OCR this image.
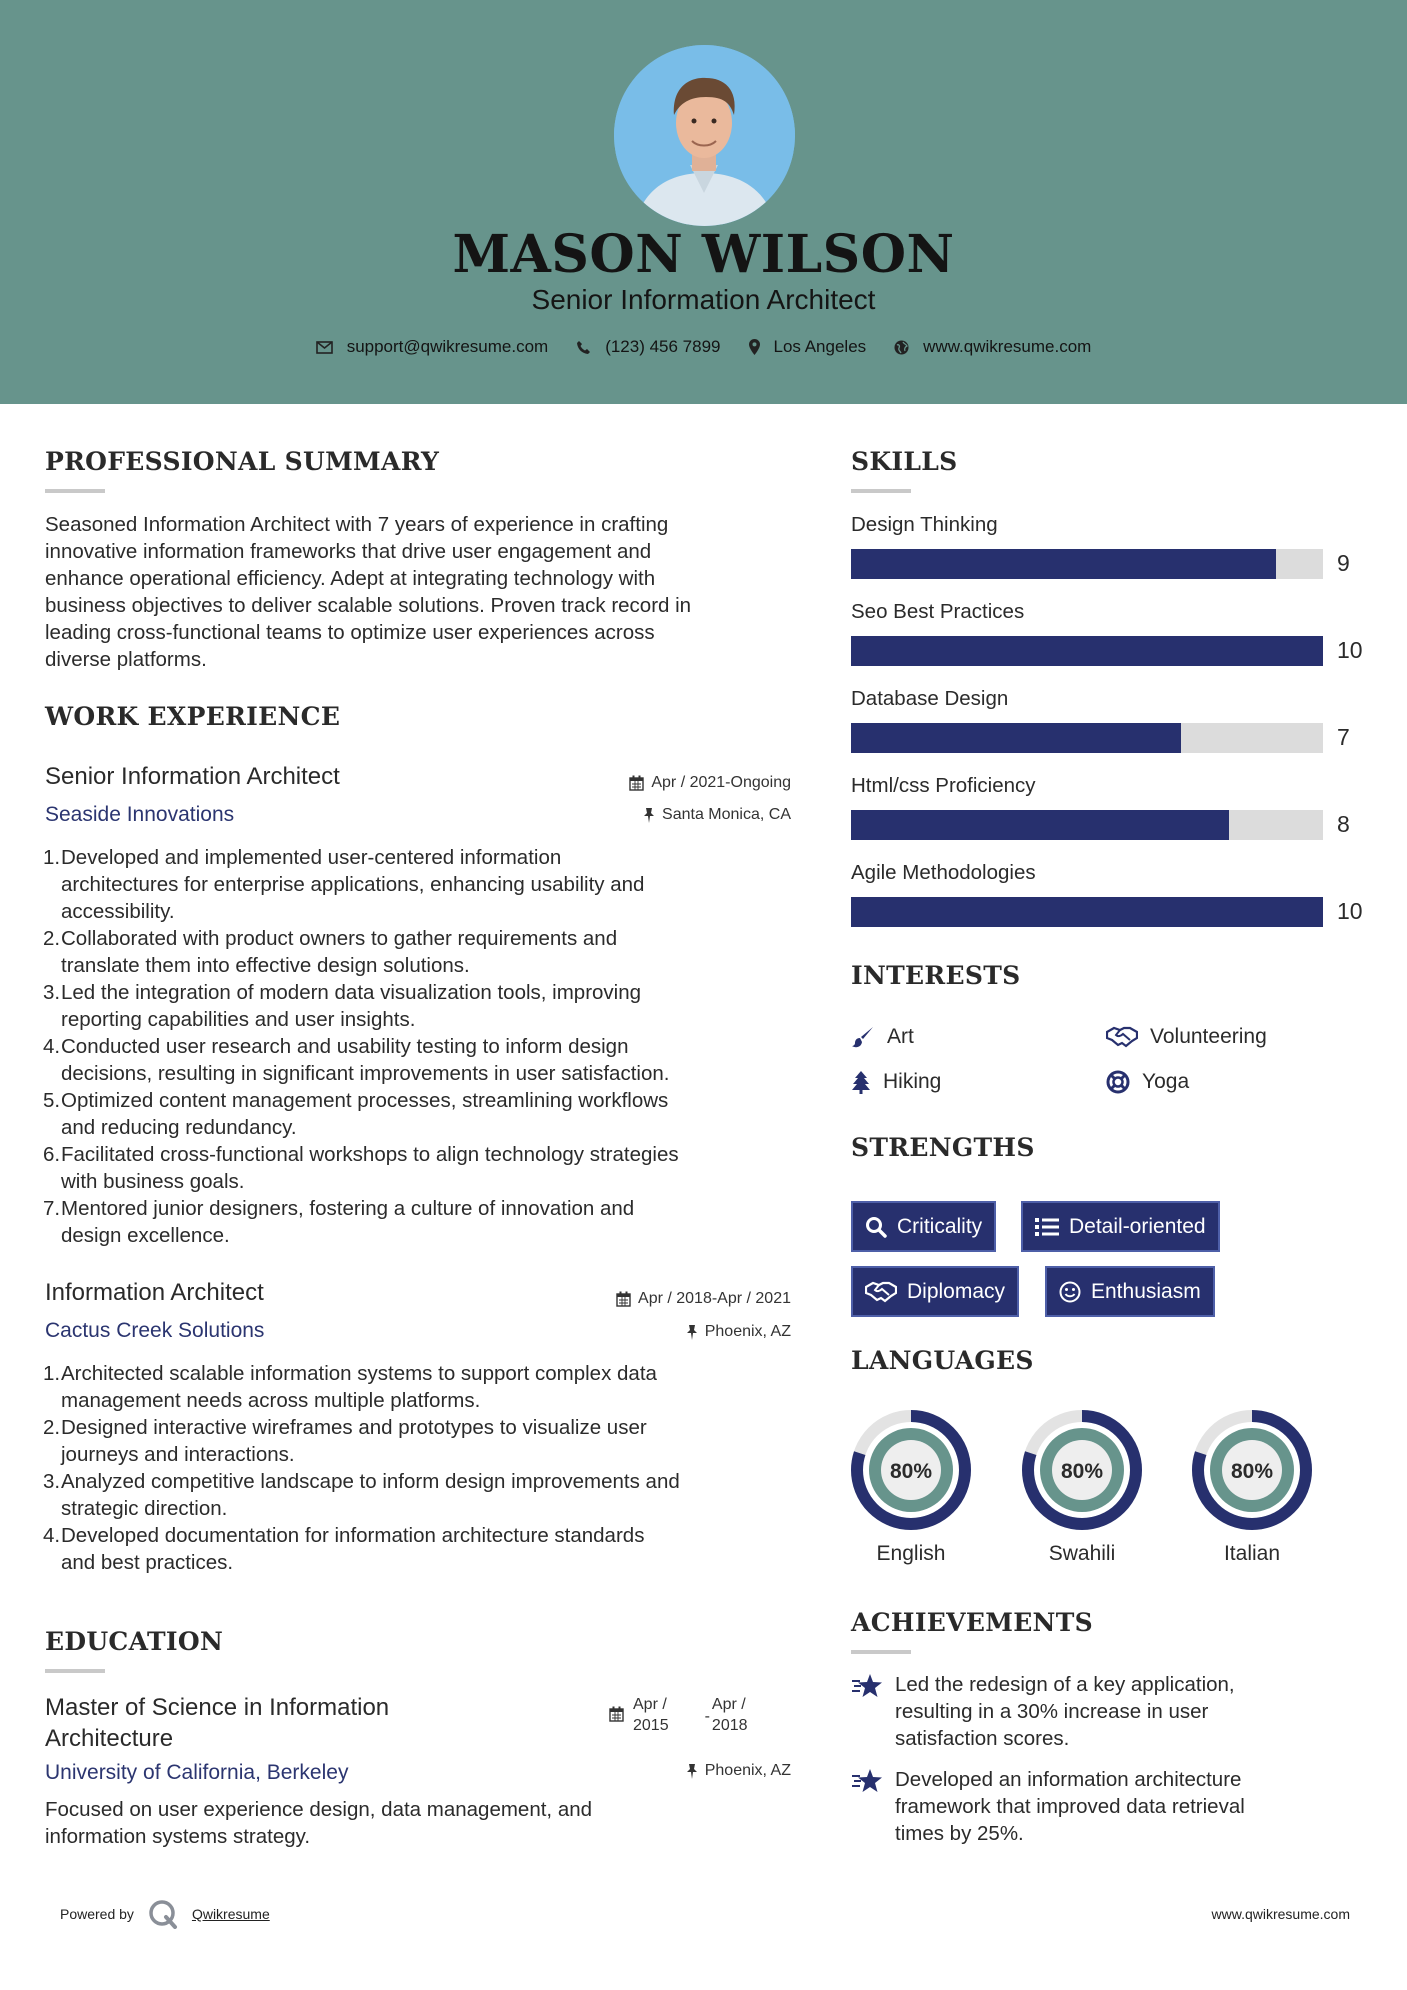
MASON WILSON
Senior Information Architect
support@qwikresume.com	(123) 456 7899	Los Angeles	www.qwikresume.com
PROFESSIONAL SUMMARY
Seasoned Information Architect with 7 years of experience in crafting
innovative information frameworks that drive user engagement and
enhance operational efficiency. Adept at integrating technology with
business objectives to deliver scalable solutions. Proven track record in
leading cross-functional teams to optimize user experiences across
diverse platforms.
WORK EXPERIENCE
Senior Information Architect
Seaside Innovations
Apr / 2021-Ongoing
Santa Monica, CA
1. Developed and implemented user-centered information
architectures for enterprise applications, enhancing usability and
accessibility.
2. Collaborated with product owners to gather requirements and
translate them into effective design solutions.
3. Led the integration of modern data visualization tools, improving
reporting capabilities and user insights.
4. Conducted user research and usability testing to inform design
decisions, resulting in significant improvements in user satisfaction.
5. Optimized content management processes, streamlining workflows
and reducing redundancy.
6. Facilitated cross-functional workshops to align technology strategies
with business goals.
7. Mentored junior designers, fostering a culture of innovation and
design excellence.
Information Architect
Cactus Creek Solutions
Apr / 2018-Apr / 2021
Phoenix, AZ
1. Architected scalable information systems to support complex data
management needs across multiple platforms.
2. Designed interactive wireframes and prototypes to visualize user
journeys and interactions.
3. Analyzed competitive landscape to inform design improvements and
strategic direction.
4. Developed documentation for information architecture standards
and best practices.
EDUCATION
Master of Science in Information
Architecture
University of California, Berkeley
Apr /
2015
-
Apr /
2018
Phoenix, AZ
Focused on user experience design, data management, and
information systems strategy.
SKILLS
Design Thinking
9
Seo Best Practices
10
Database Design
7
Html/css Proficiency
8
Agile Methodologies
10
INTERESTS
Art	Volunteering
Hiking	Yoga
STRENGTHS
Criticality	Detail-oriented
Diplomacy	Enthusiasm
LANGUAGES
80%
English
80%
Swahili
80%
Italian
ACHIEVEMENTS
Led the redesign of a key application,
resulting in a 30% increase in user
satisfaction scores.
Developed an information architecture
framework that improved data retrieval
times by 25%.
Powered by	Qwikresume	www.qwikresume.com
